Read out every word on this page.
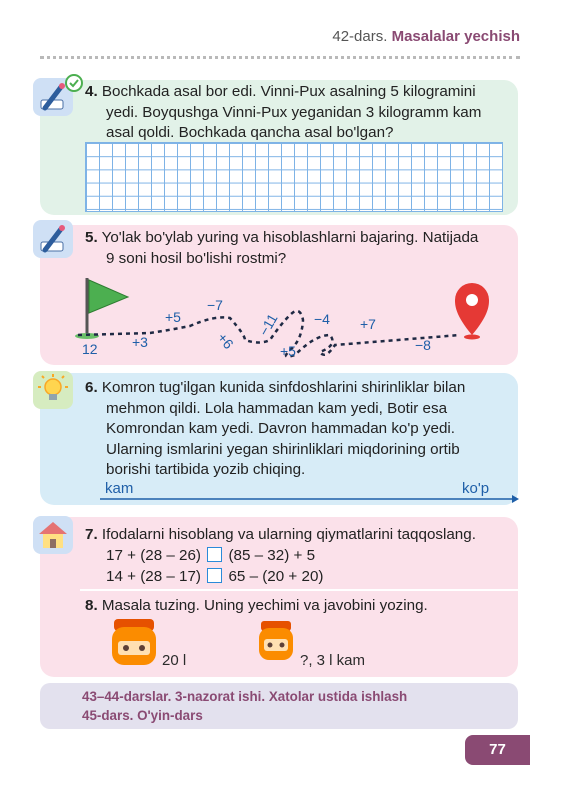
42-dars. Masalalar yechish
4. Bochkada asal bor edi. Vinni-Pux asalning 5 kilogramini
yedi. Boyqushga Vinni-Pux yeganidan 3 kilogramm kam
asal qoldi. Bochkada qancha asal bo'lgan?
5. Yo'lak bo'ylab yuring va hisoblashlarni bajaring. Natijada
9 soni hosil bo'lishi rostmi?
12 +3
+5
−7
+6
−11
+5
−4 +7
−8
6. Komron tug'ilgan kunida sinfdoshlarini shirinliklar bilan
mehmon qildi. Lola hammadan kam yedi, Botir esa
Komrondan kam yedi. Davron hammadan ko'p yedi.
Ularning ismlarini yegan shirinliklari miqdorining ortib
borishi tartibida yozib chiqing.
kam	ko'p
7. Ifodalarni hisoblang va ularning qiymatlarini taqqoslang.
17 + (28 – 26) (85 – 32) + 5
14 + (28 – 17) 65 – (20 + 20)
8. Masala tuzing. Uning yechimi va javobini yozing.
20 l	?, 3 l kam
43–44-darslar. 3-nazorat ishi. Xatolar ustida ishlash
45-dars. O'yin-dars
77
